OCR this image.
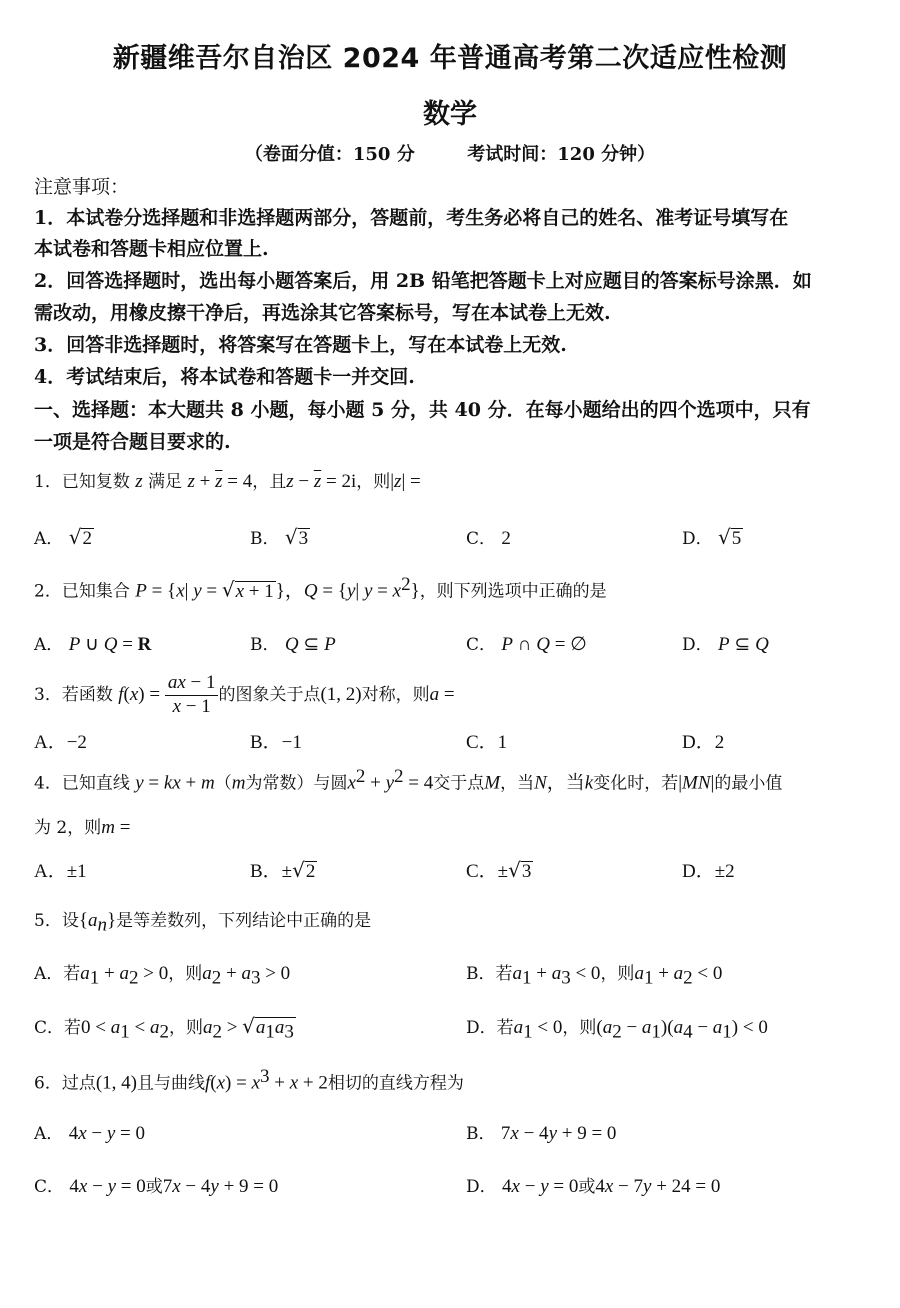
新疆维吾尔自治区 2024 年普通高考第二次适应性检测
数学
（卷面分值：150 分	考试时间：120 分钟）
注意事项：
1．本试卷分选择题和非选择题两部分，答题前，考生务必将自己的姓名、准考证号填写在
本试卷和答题卡相应位置上.
2．回答选择题时，选出每小题答案后，用 2B 铅笔把答题卡上对应题目的答案标号涂黑．如
需改动，用橡皮擦干净后，再选涂其它答案标号，写在本试卷上无效.
3．回答非选择题时，将答案写在答题卡上，写在本试卷上无效.
4．考试结束后，将本试卷和答题卡一并交回.
一、选择题：本大题共 8 小题，每小题 5 分，共 40 分．在每小题给出的四个选项中，只有
一项是符合题目要求的.
1．已知复数 z 满足 $z + \overline{z} = 4$，且$z - \overline{z} = 2i$，则|z| =
A． √2	B． √3	C． 2	D． √5
2．已知集合 P = {x| y = √x + 1 }，Q = {y| $y = x^2$}，则下列选项中正确的是
A． P ∪ Q = R	B． Q ⊆ P	C． P ∩ Q = ∅	D． P ⊆ Q
3．若函数 $f(x) = \frac{ax - 1}{x - 1}$ 的图象关于点(1, 2)对称，则a =
A．−2	B．−1	C．1	D．2
4．已知直线 y = kx + m（m为常数）与圆$x^2 + y^2 = 4$交于点M，当N，当k变化时，若|MN|的最小值
为 2，则m =
A．±1	B．±√2	C．±√3	D．±2
5．设$\{a_n\}$是等差数列，下列结论中正确的是
A．若$a_1 + a_2 > 0$，则$a_2 + a_3 > 0$	B．若$a_1 + a_3 < 0$，则$a_1 + a_2 < 0$
C．若$0 < a_1 < a_2$，则$a_2 > √a_1a_3$	D．若$a_1 < 0$，则$(a_2 - a_1)(a_4 - a_1) < 0$
6．过点(1, 4)且与曲线$f(x) = x^3 + x + 2$相切的直线方程为
A． 4x − y = 0	B． 7x − 4y + 9 = 0
C． 4x − y = 0或7x − 4y + 9 = 0	D． 4x − y = 0或4x − 7y + 24 = 0
